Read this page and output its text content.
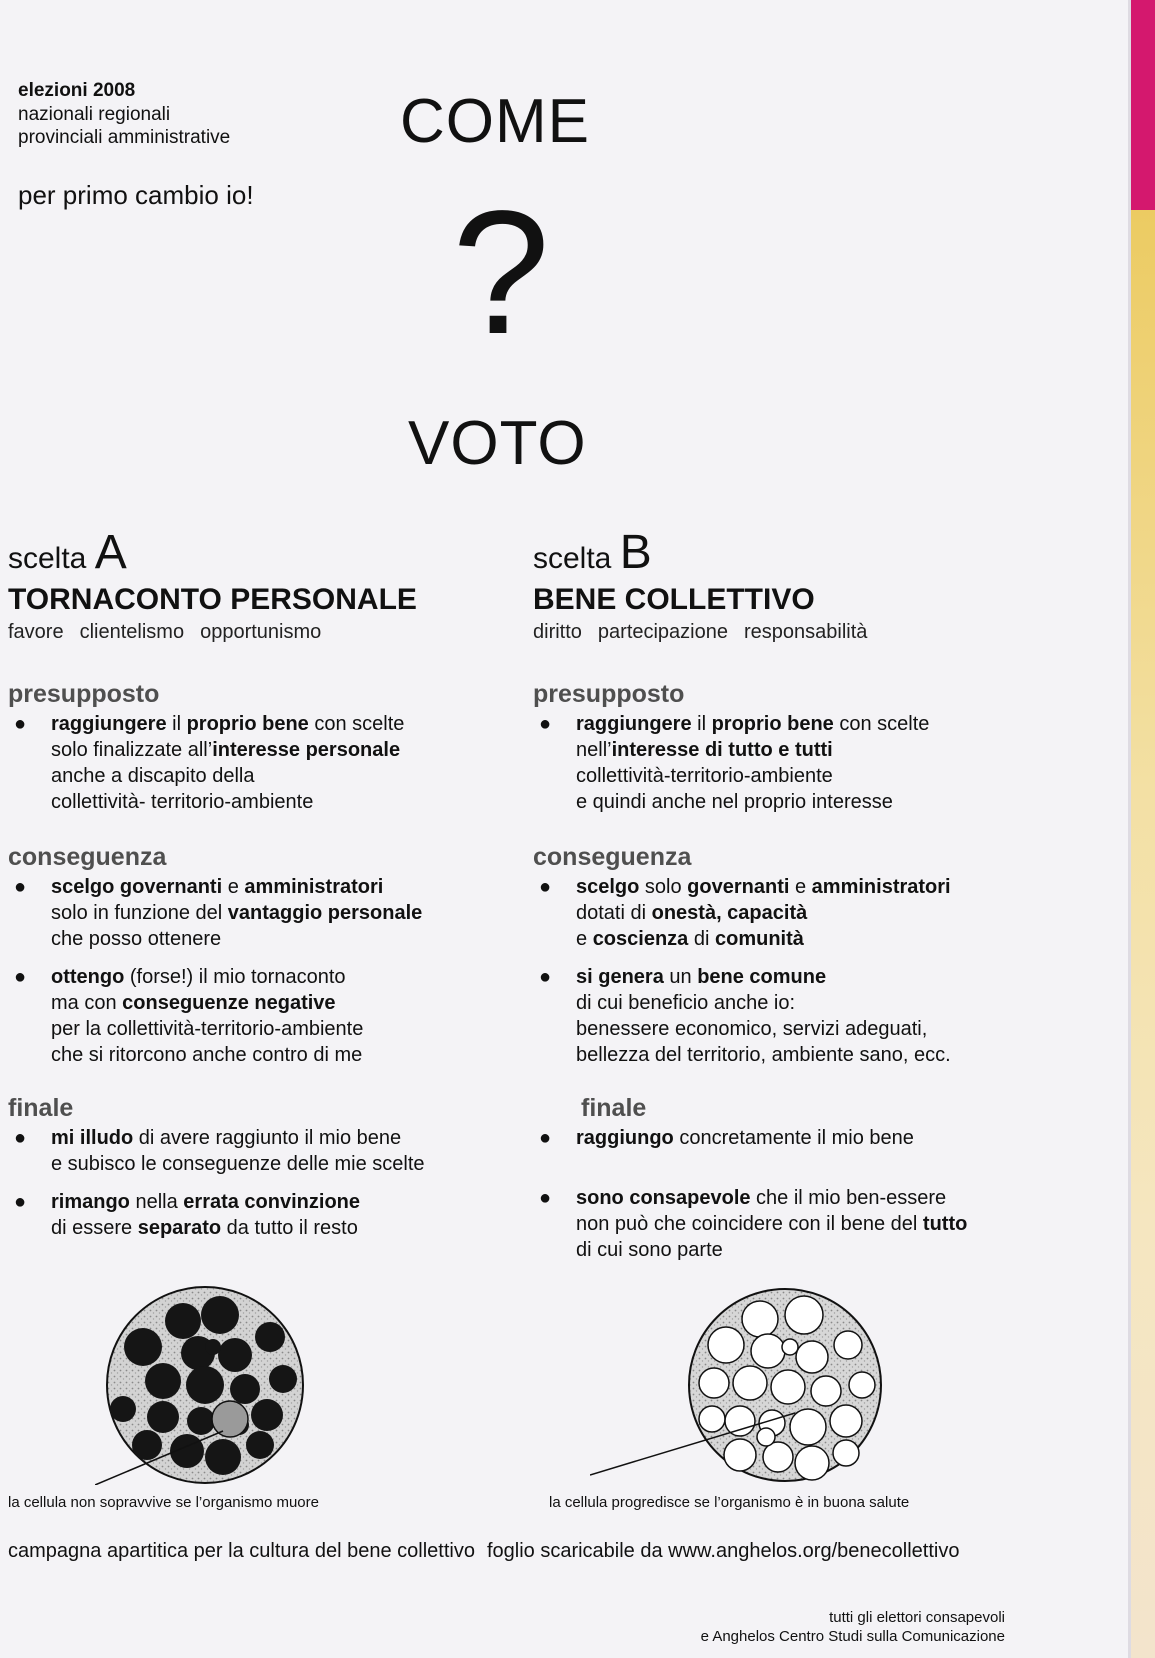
elezioni 2008
nazionali regionali
provinciali amministrative
per primo cambio io!
COME
?
VOTO
scelta A
TORNACONTO PERSONALE
favore clientelismo opportunismo
presupposto
● raggiungere il proprio bene con scelte
solo finalizzate all’interesse personale
anche a discapito della
collettività- territorio-ambiente
conseguenza
● scelgo governanti e amministratori
solo in funzione del vantaggio personale
che posso ottenere
● ottengo (forse!) il mio tornaconto
ma con conseguenze negative
per la collettività-territorio-ambiente
che si ritorcono anche contro di me
finale
● mi illudo di avere raggiunto il mio bene
e subisco le conseguenze delle mie scelte
● rimango nella errata convinzione
di essere separato da tutto il resto
scelta B
BENE COLLETTIVO
diritto partecipazione responsabilità
presupposto
● raggiungere il proprio bene con scelte
nell’interesse di tutto e tutti
collettività-territorio-ambiente
e quindi anche nel proprio interesse
conseguenza
● scelgo solo governanti e amministratori
dotati di onestà, capacità
e coscienza di comunità
● si genera un bene comune
di cui beneficio anche io:
benessere economico, servizi adeguati,
bellezza del territorio, ambiente sano, ecc.
finale
● raggiungo concretamente il mio bene
● sono consapevole che il mio ben-essere
non può che coincidere con il bene del tutto
di cui sono parte
la cellula non sopravvive se l’organismo muore	la cellula progredisce se l’organismo è in buona salute
campagna apartitica per la cultura del bene collettivo foglio scaricabile da www.anghelos.org/benecollettivo
tutti gli elettori consapevoli
e Anghelos Centro Studi sulla Comunicazione
